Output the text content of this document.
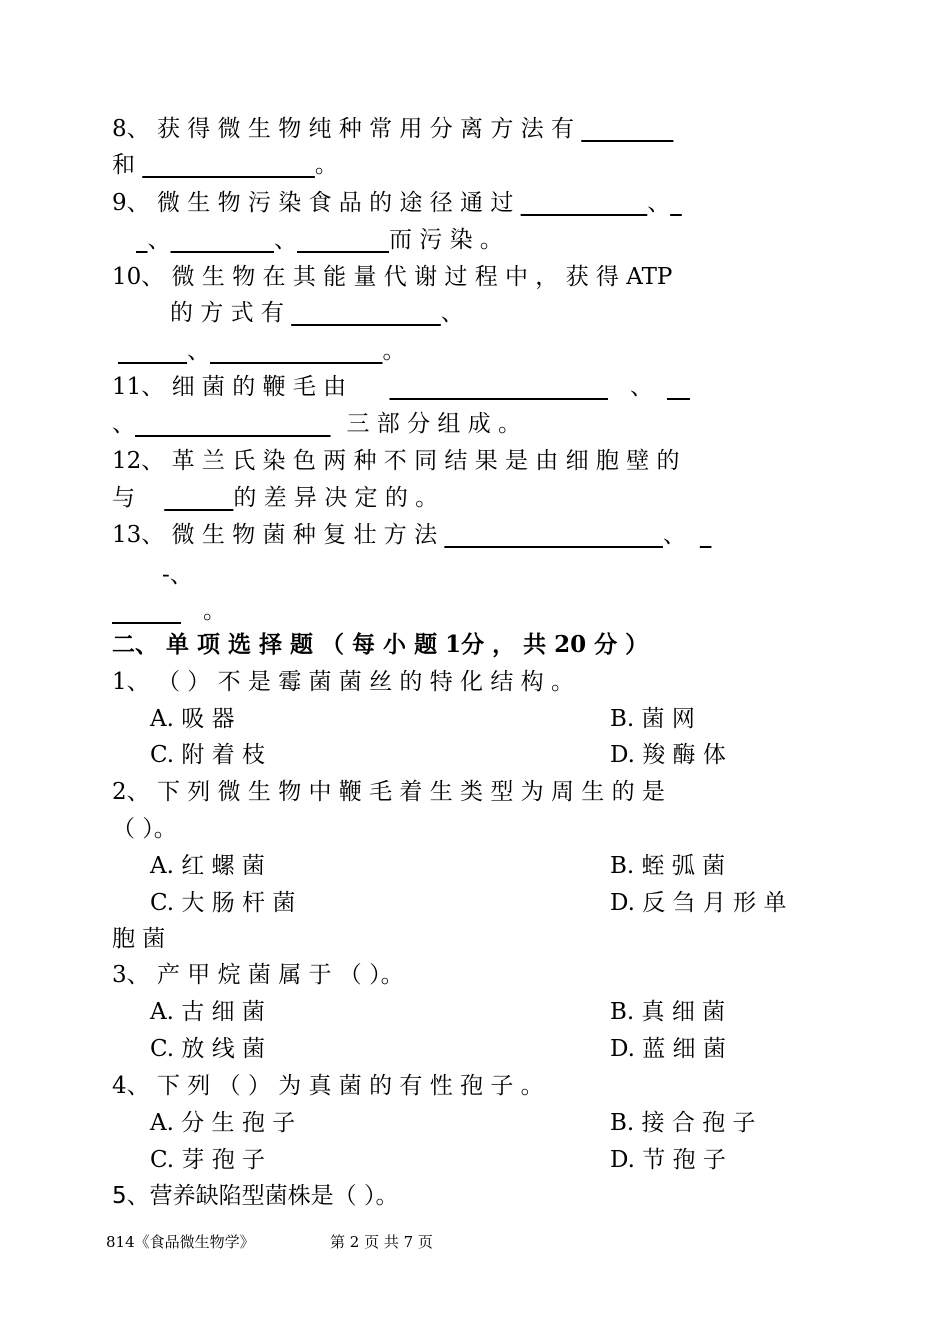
8、 获 得 微 生 物 纯 种 常 用 分 离 方 法 有 ________
和 _______________。
9、 微 生 物 污 染 食 品 的 途 径 通 过 ___________、_
_、_________、________而 污 染 。
10、 微 生 物 在 其 能 量 代 谢 过 程 中 ， 获 得 ATP
的 方 式 有 _____________、
______、_______________。
11、 细 菌 的 鞭 毛 由 ___________________ 、 __
、_________________ 三 部 分 组 成 。
12、 革 兰 氏 染 色 两 种 不 同 结 果 是 由 细 胞 壁 的
与 ______的 差 异 决 定 的 。
13、 微 生 物 菌 种 复 壮 方 法 ___________________、 _
-、
______ 。
二、 单 项 选 择 题 （ 每 小 题 1分 ， 共 20 分 ）
1、 （ ） 不 是 霉 菌 菌 丝 的 特 化 结 构 。
A. 吸 器	B. 菌 网
C. 附 着 枝	D. 羧 酶 体
2、 下 列 微 生 物 中 鞭 毛 着 生 类 型 为 周 生 的 是
（ ）。
A. 红 螺 菌	B. 蛭 弧 菌
C. 大 肠 杆 菌	D. 反 刍 月 形 单
胞 菌
3、 产 甲 烷 菌 属 于 （ ）。
A. 古 细 菌	B. 真 细 菌
C. 放 线 菌	D. 蓝 细 菌
4、 下 列 （ ） 为 真 菌 的 有 性 孢 子 。
A. 分 生 孢 子	B. 接 合 孢 子
C. 芽 孢 子	D. 节 孢 子
5、营养缺陷型菌株是（ ）。
814《食品微生物学》	第 2 页 共 7 页
